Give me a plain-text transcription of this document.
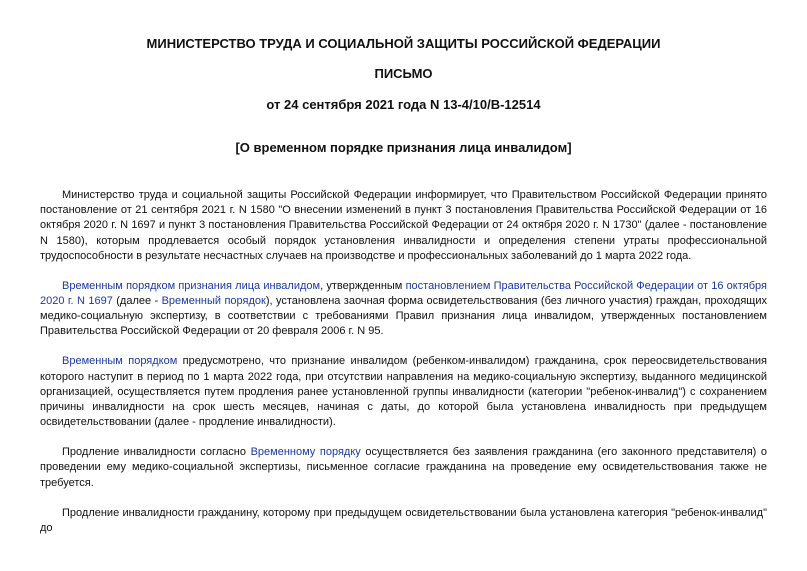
МИНИСТЕРСТВО ТРУДА И СОЦИАЛЬНОЙ ЗАЩИТЫ РОССИЙСКОЙ ФЕДЕРАЦИИ

ПИСЬМО

от 24 сентября 2021 года N 13-4/10/В-12514

[О временном порядке признания лица инвалидом]

Министерство труда и социальной защиты Российской Федерации информирует, что Правительством Российской Федерации принято постановление от 21 сентября 2021 г. N 1580 "О внесении изменений в пункт 3 постановления Правительства Российской Федерации от 16 октября 2020 г. N 1697 и пункт 3 постановления Правительства Российской Федерации от 24 октября 2020 г. N 1730" (далее - постановление N 1580), которым продлевается особый порядок установления инвалидности и определения степени утраты профессиональной трудоспособности в результате несчастных случаев на производстве и профессиональных заболеваний до 1 марта 2022 года.

Временным порядком признания лица инвалидом, утвержденным постановлением Правительства Российской Федерации от 16 октября 2020 г. N 1697 (далее - Временный порядок), установлена заочная форма освидетельствования (без личного участия) граждан, проходящих медико-социальную экспертизу, в соответствии с требованиями Правил признания лица инвалидом, утвержденных постановлением Правительства Российской Федерации от 20 февраля 2006 г. N 95.

Временным порядком предусмотрено, что признание инвалидом (ребенком-инвалидом) гражданина, срок переосвидетельствования которого наступит в период по 1 марта 2022 года, при отсутствии направления на медико-социальную экспертизу, выданного медицинской организацией, осуществляется путем продления ранее установленной группы инвалидности (категории "ребенок-инвалид") с сохранением причины инвалидности на срок шесть месяцев, начиная с даты, до которой была установлена инвалидность при предыдущем освидетельствовании (далее - продление инвалидности).

Продление инвалидности согласно Временному порядку осуществляется без заявления гражданина (его законного представителя) о проведении ему медико-социальной экспертизы, письменное согласие гражданина на проведение ему освидетельствования также не требуется.

Продление инвалидности гражданину, которому при предыдущем освидетельствовании была установлена категория "ребенок-инвалид" до
